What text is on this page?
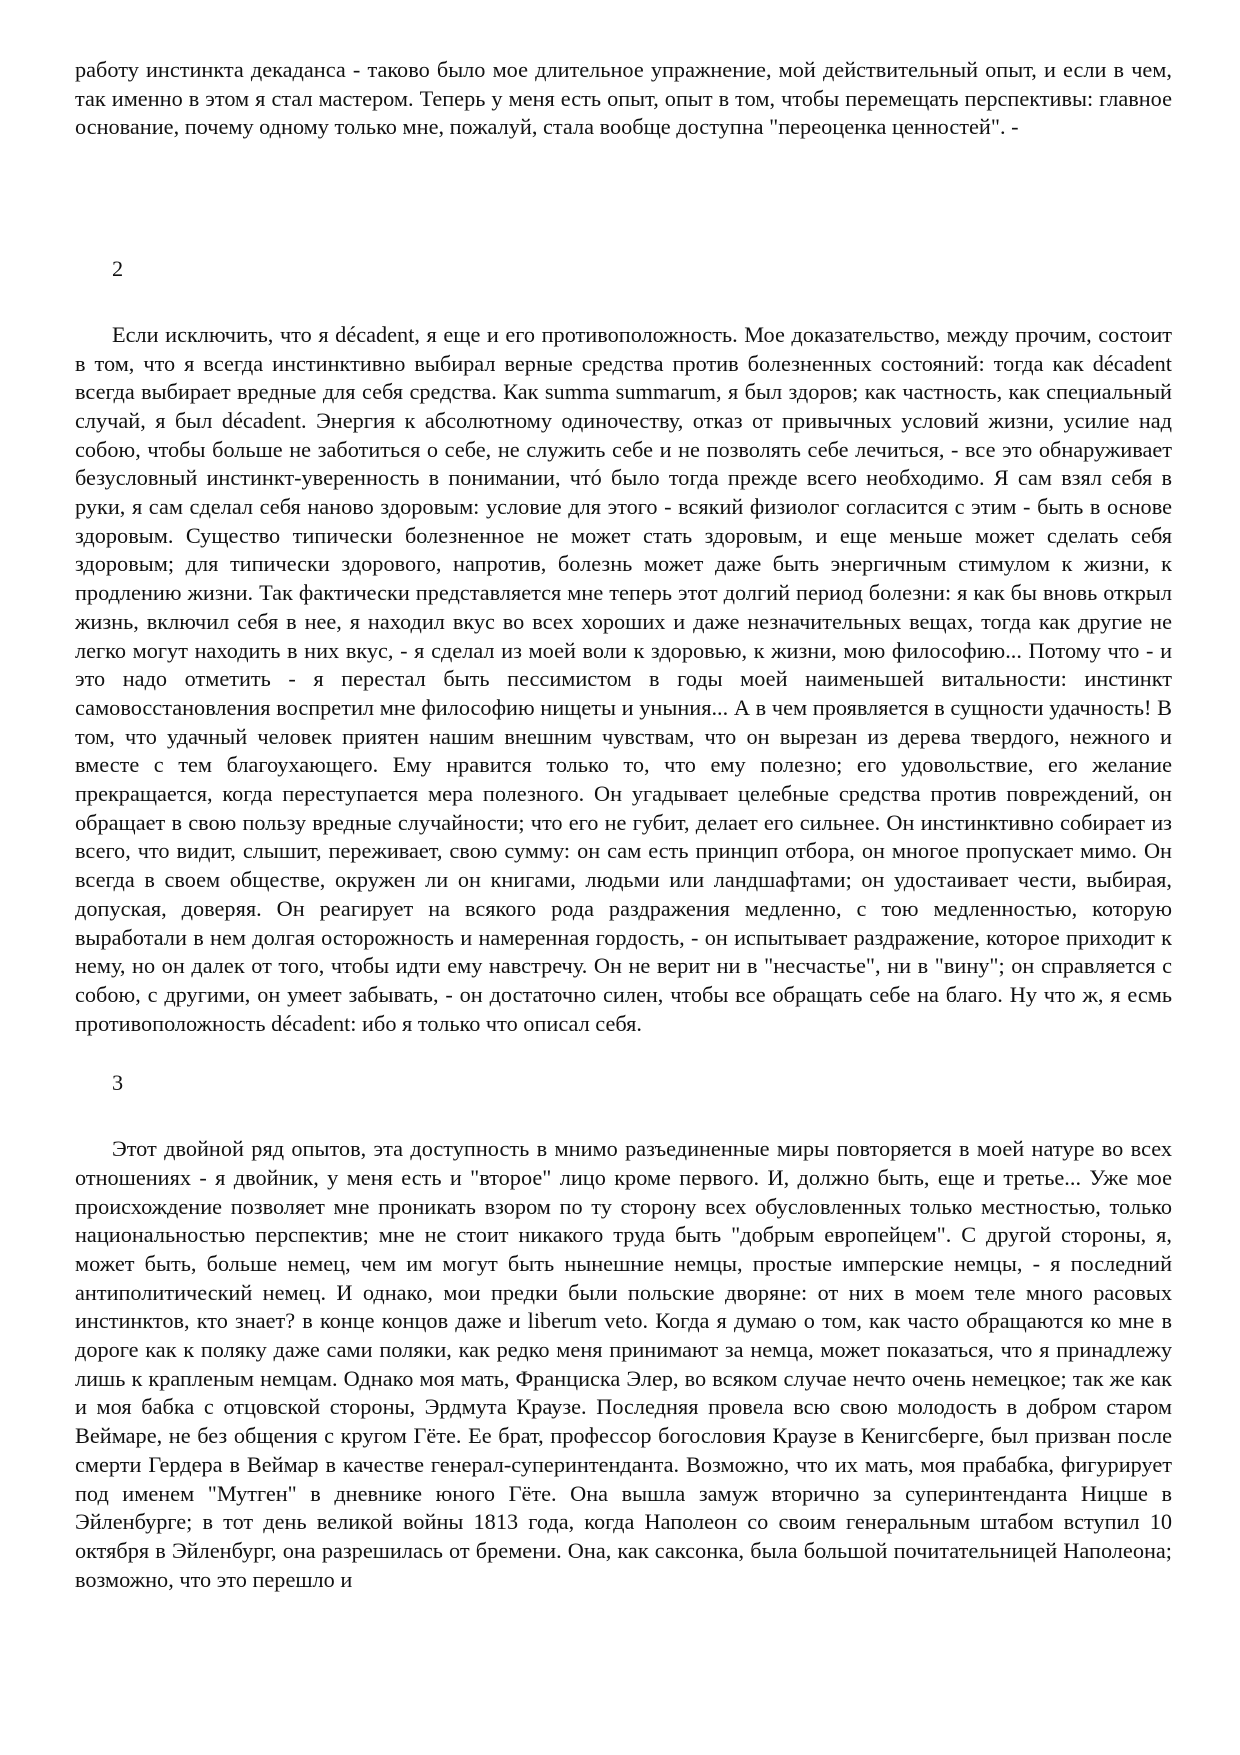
работу инстинкта декаданса - таково было мое длительное упражнение, мой действительный опыт, и если в чем, так именно в этом я стал мастером. Теперь у меня есть опыт, опыт в том, чтобы перемещать перспективы: главное основание, почему одному только мне, пожалуй, стала вообще доступна "переоценка ценностей". -

2

Если исключить, что я décadent, я еще и его противоположность. Мое доказательство, между прочим, состоит в том, что я всегда инстинктивно выбирал верные средства против болезненных состояний: тогда как décadent всегда выбирает вредные для себя средства. Как summa summarum, я был здоров; как частность, как специальный случай, я был décadent. Энергия к абсолютному одиночеству, отказ от привычных условий жизни, усилие над собою, чтобы больше не заботиться о себе, не служить себе и не позволять себе лечиться, - все это обнаруживает безусловный инстинкт-уверенность в понимании, чтó было тогда прежде всего необходимо. Я сам взял себя в руки, я сам сделал себя наново здоровым: условие для этого - всякий физиолог согласится с этим - быть в основе здоровым. Существо типически болезненное не может стать здоровым, и еще меньше может сделать себя здоровым; для типически здорового, напротив, болезнь может даже быть энергичным стимулом к жизни, к продлению жизни. Так фактически представляется мне теперь этот долгий период болезни: я как бы вновь открыл жизнь, включил себя в нее, я находил вкус во всех хороших и даже незначительных вещах, тогда как другие не легко могут находить в них вкус, - я сделал из моей воли к здоровью, к жизни, мою философию... Потому что - и это надо отметить - я перестал быть пессимистом в годы моей наименьшей витальности: инстинкт самовосстановления воспретил мне философию нищеты и уныния... А в чем проявляется в сущности удачность! В том, что удачный человек приятен нашим внешним чувствам, что он вырезан из дерева твердого, нежного и вместе с тем благоухающего. Ему нравится только то, что ему полезно; его удовольствие, его желание прекращается, когда переступается мера полезного. Он угадывает целебные средства против повреждений, он обращает в свою пользу вредные случайности; что его не губит, делает его сильнее. Он инстинктивно собирает из всего, что видит, слышит, переживает, свою сумму: он сам есть принцип отбора, он многое пропускает мимо. Он всегда в своем обществе, окружен ли он книгами, людьми или ландшафтами; он удостаивает чести, выбирая, допуская, доверяя. Он реагирует на всякого рода раздражения медленно, с тою медленностью, которую выработали в нем долгая осторожность и намеренная гордость, - он испытывает раздражение, которое приходит к нему, но он далек от того, чтобы идти ему навстречу. Он не верит ни в "несчастье", ни в "вину"; он справляется с собою, с другими, он умеет забывать, - он достаточно силен, чтобы все обращать себе на благо. Ну что ж, я есмь противоположность décadent: ибо я только что описал себя.

3

Этот двойной ряд опытов, эта доступность в мнимо разъединенные миры повторяется в моей натуре во всех отношениях - я двойник, у меня есть и "второе" лицо кроме первого. И, должно быть, еще и третье... Уже мое происхождение позволяет мне проникать взором по ту сторону всех обусловленных только местностью, только национальностью перспектив; мне не стоит никакого труда быть "добрым европейцем". С другой стороны, я, может быть, больше немец, чем им могут быть нынешние немцы, простые имперские немцы, - я последний антиполитический немец. И однако, мои предки были польские дворяне: от них в моем теле много расовых инстинктов, кто знает? в конце концов даже и liberum veto. Когда я думаю о том, как часто обращаются ко мне в дороге как к поляку даже сами поляки, как редко меня принимают за немца, может показаться, что я принадлежу лишь к крапленым немцам. Однако моя мать, Франциска Элер, во всяком случае нечто очень немецкое; так же как и моя бабка с отцовской стороны, Эрдмута Краузе. Последняя провела всю свою молодость в добром старом Веймаре, не без общения с кругом Гёте. Ее брат, профессор богословия Краузе в Кенигсберге, был призван после смерти Гердера в Веймар в качестве генерал-суперинтенданта. Возможно, что их мать, моя прабабка, фигурирует под именем "Мутген" в дневнике юного Гёте. Она вышла замуж вторично за суперинтенданта Ницше в Эйленбурге; в тот день великой войны 1813 года, когда Наполеон со своим генеральным штабом вступил 10 октября в Эйленбург, она разрешилась от бремени. Она, как саксонка, была большой почитательницей Наполеона; возможно, что это перешло и
